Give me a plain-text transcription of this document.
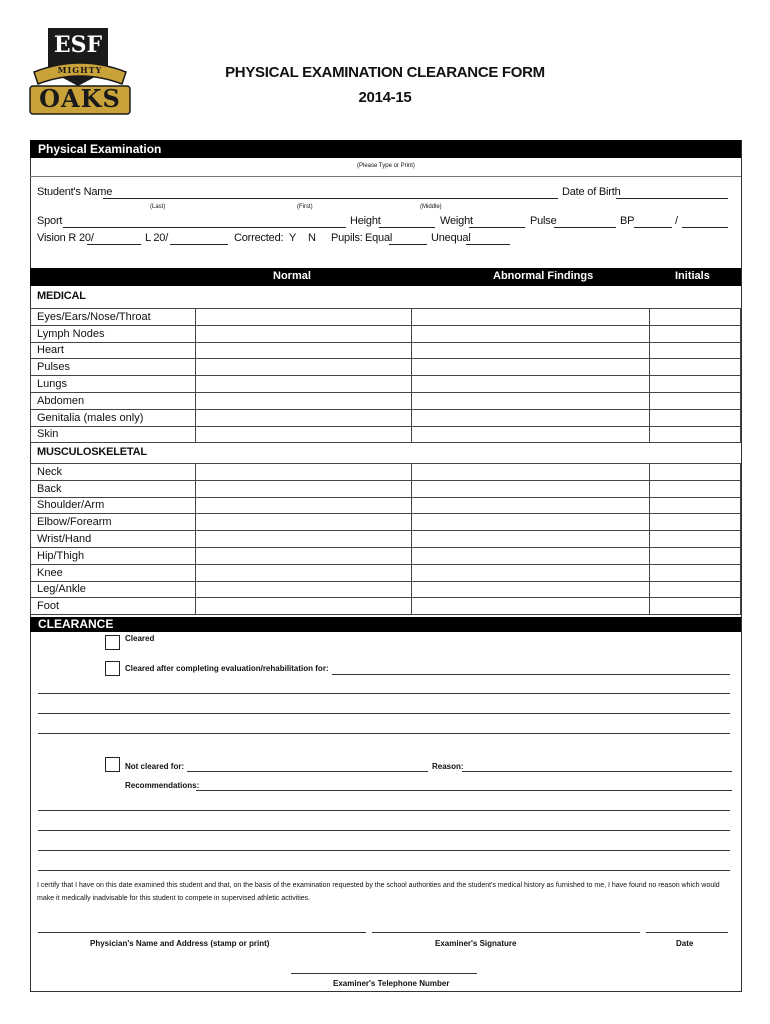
ESF
MIGHTY
OAKS
PHYSICAL EXAMINATION CLEARANCE FORM
2014-15
Physical Examination
(Please Type or Print)
Student's Name	Date of Birth
(Last)	(First)	(Middle)
Sport	Height	Weight	Pulse	BP	/
Vision R 20/	L 20/	Corrected: Y N Pupils: Equal	Unequal
Normal	Abnormal Findings	Initials
MEDICAL
Eyes/Ears/Nose/Throat			
Lymph Nodes			
Heart			
Pulses			
Lungs			
Abdomen			
Genitalia (males only)			
Skin			
MUSCULOSKELETAL
Neck			
Back			
Shoulder/Arm			
Elbow/Forearm			
Wrist/Hand			
Hip/Thigh			
Knee			
Leg/Ankle			
Foot			
CLEARANCE
Cleared
Cleared after completing evaluation/rehabilitation for:
Not cleared for:	Reason:
Recommendations:
I certify that I have on this date examined this student and that, on the basis of the examination requested by the school authorities and the student's medical history as furnished to me, I have found no reason which would make it medically inadvisable for this student to compete in supervised athletic activities.
Physician's Name and Address (stamp or print)	Examiner's Signature	Date
Examiner's Telephone Number
